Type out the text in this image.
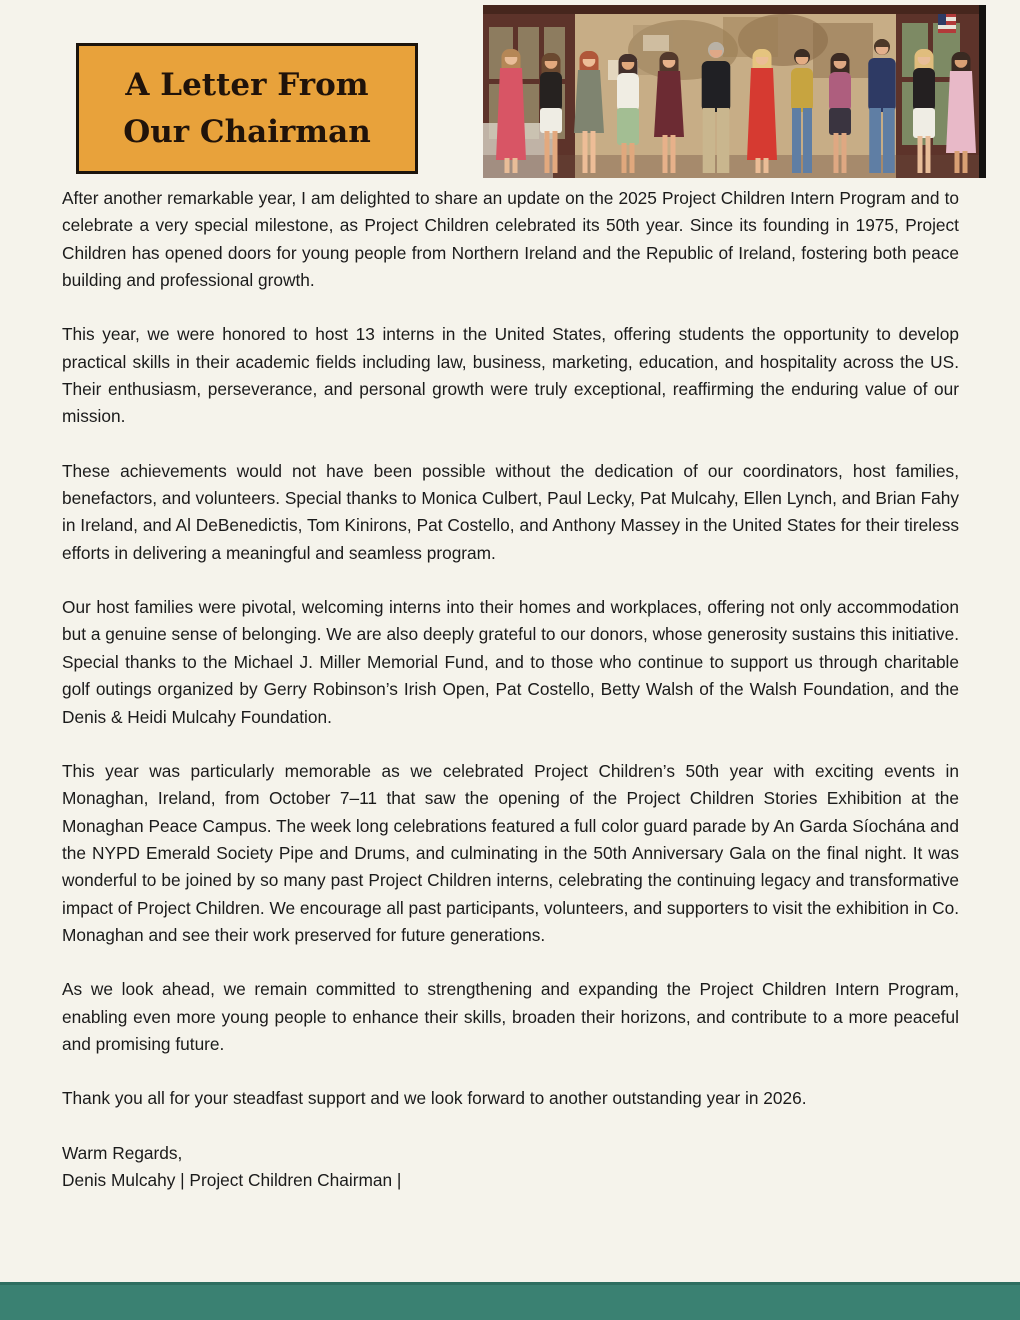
A Letter From
Our Chairman

After another remarkable year, I am delighted to share an update on the 2025 Project Children Intern Program and to celebrate a very special milestone, as Project Children celebrated its 50th year. Since its founding in 1975, Project Children has opened doors for young people from Northern Ireland and the Republic of Ireland, fostering both peace building and professional growth.

This year, we were honored to host 13 interns in the United States, offering students the opportunity to develop practical skills in their academic fields including law, business, marketing, education, and hospitality across the US. Their enthusiasm, perseverance, and personal growth were truly exceptional, reaffirming the enduring value of our mission.

These achievements would not have been possible without the dedication of our coordinators, host families, benefactors, and volunteers. Special thanks to Monica Culbert, Paul Lecky, Pat Mulcahy, Ellen Lynch, and Brian Fahy in Ireland, and Al DeBenedictis, Tom Kinirons, Pat Costello, and Anthony Massey in the United States for their tireless efforts in delivering a meaningful and seamless program.

Our host families were pivotal, welcoming interns into their homes and workplaces, offering not only accommodation but a genuine sense of belonging. We are also deeply grateful to our donors, whose generosity sustains this initiative. Special thanks to the Michael J. Miller Memorial Fund, and to those who continue to support us through charitable golf outings organized by Gerry Robinson’s Irish Open, Pat Costello, Betty Walsh of the Walsh Foundation, and the Denis & Heidi Mulcahy Foundation.

This year was particularly memorable as we celebrated Project Children’s 50th year with exciting events in Monaghan, Ireland, from October 7–11 that saw the opening of the Project Children Stories Exhibition at the Monaghan Peace Campus. The week long celebrations featured a full color guard parade by An Garda Síochána and the NYPD Emerald Society Pipe and Drums, and culminating in the 50th Anniversary Gala on the final night. It was wonderful to be joined by so many past Project Children interns, celebrating the continuing legacy and transformative impact of Project Children. We encourage all past participants, volunteers, and supporters to visit the exhibition in Co. Monaghan and see their work preserved for future generations.

As we look ahead, we remain committed to strengthening and expanding the Project Children Intern Program, enabling even more young people to enhance their skills, broaden their horizons, and contribute to a more peaceful and promising future.

Thank you all for your steadfast support and we look forward to another outstanding year in 2026.

Warm Regards,
Denis Mulcahy | Project Children Chairman |
